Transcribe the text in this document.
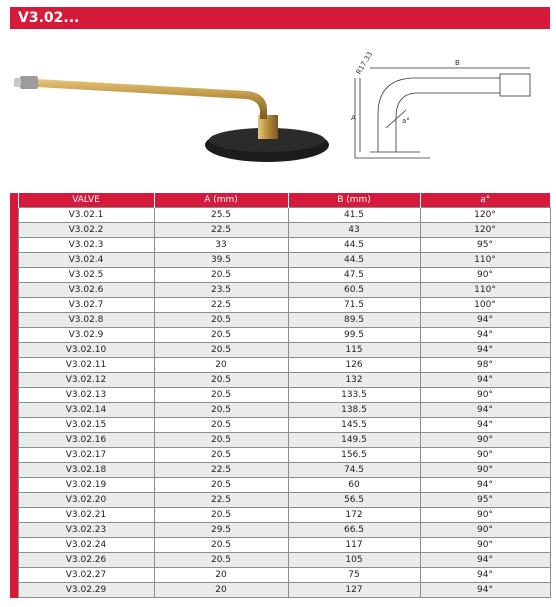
V3.02...
R17.33	B
A	a°
	VALVE	A (mm)	B (mm)	a°
	V3.02.1	25.5	41.5	120°
	V3.02.2	22.5	43	120°
	V3.02.3	33	44.5	95°
	V3.02.4	39.5	44.5	110°
	V3.02.5	20.5	47.5	90°
	V3.02.6	23.5	60.5	110°
	V3.02.7	22.5	71.5	100°
	V3.02.8	20.5	89.5	94°
	V3.02.9	20.5	99.5	94°
	V3.02.10	20.5	115	94°
	V3.02.11	20	126	98°
	V3.02.12	20.5	132	94°
	V3.02.13	20.5	133.5	90°
	V3.02.14	20.5	138.5	94°
	V3.02.15	20.5	145.5	94°
	V3.02.16	20.5	149.5	90°
	V3.02.17	20.5	156.5	90°
	V3.02.18	22.5	74.5	90°
	V3.02.19	20.5	60	94°
	V3.02.20	22.5	56.5	95°
	V3.02.21	20.5	172	90°
	V3.02.23	29.5	66.5	90°
	V3.02.24	20.5	117	90°
	V3.02.26	20.5	105	94°
	V3.02.27	20	75	94°
	V3.02.29	20	127	94°
